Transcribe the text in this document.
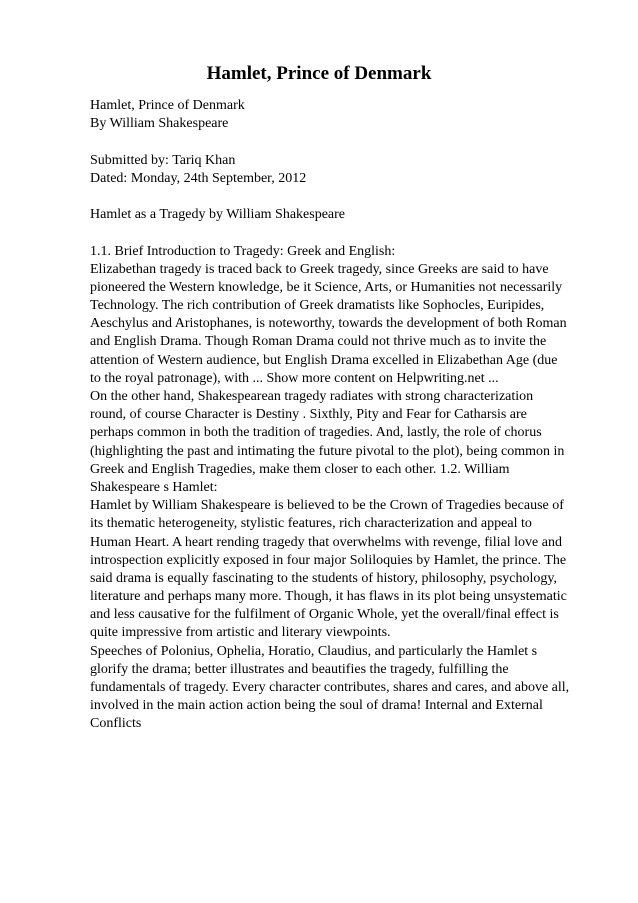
Hamlet, Prince of Denmark
Hamlet, Prince of Denmark
By William Shakespeare
Submitted by: Tariq Khan
Dated: Monday, 24th September, 2012
Hamlet as a Tragedy by William Shakespeare
1.1. Brief Introduction to Tragedy: Greek and English:
Elizabethan tragedy is traced back to Greek tragedy, since Greeks are said to have
pioneered the Western knowledge, be it Science, Arts, or Humanities not necessarily
Technology. The rich contribution of Greek dramatists like Sophocles, Euripides,
Aeschylus and Aristophanes, is noteworthy, towards the development of both Roman
and English Drama. Though Roman Drama could not thrive much as to invite the
attention of Western audience, but English Drama excelled in Elizabethan Age (due
to the royal patronage), with ... Show more content on Helpwriting.net ...
On the other hand, Shakespearean tragedy radiates with strong characterization
round, of course Character is Destiny . Sixthly, Pity and Fear for Catharsis are
perhaps common in both the tradition of tragedies. And, lastly, the role of chorus
(highlighting the past and intimating the future pivotal to the plot), being common in
Greek and English Tragedies, make them closer to each other. 1.2. William
Shakespeare s Hamlet:
Hamlet by William Shakespeare is believed to be the Crown of Tragedies because of
its thematic heterogeneity, stylistic features, rich characterization and appeal to
Human Heart. A heart rending tragedy that overwhelms with revenge, filial love and
introspection explicitly exposed in four major Soliloquies by Hamlet, the prince. The
said drama is equally fascinating to the students of history, philosophy, psychology,
literature and perhaps many more. Though, it has flaws in its plot being unsystematic
and less causative for the fulfilment of Organic Whole, yet the overall/final effect is
quite impressive from artistic and literary viewpoints.
Speeches of Polonius, Ophelia, Horatio, Claudius, and particularly the Hamlet s
glorify the drama; better illustrates and beautifies the tragedy, fulfilling the
fundamentals of tragedy. Every character contributes, shares and cares, and above all,
involved in the main action action being the soul of drama! Internal and External
Conflicts
